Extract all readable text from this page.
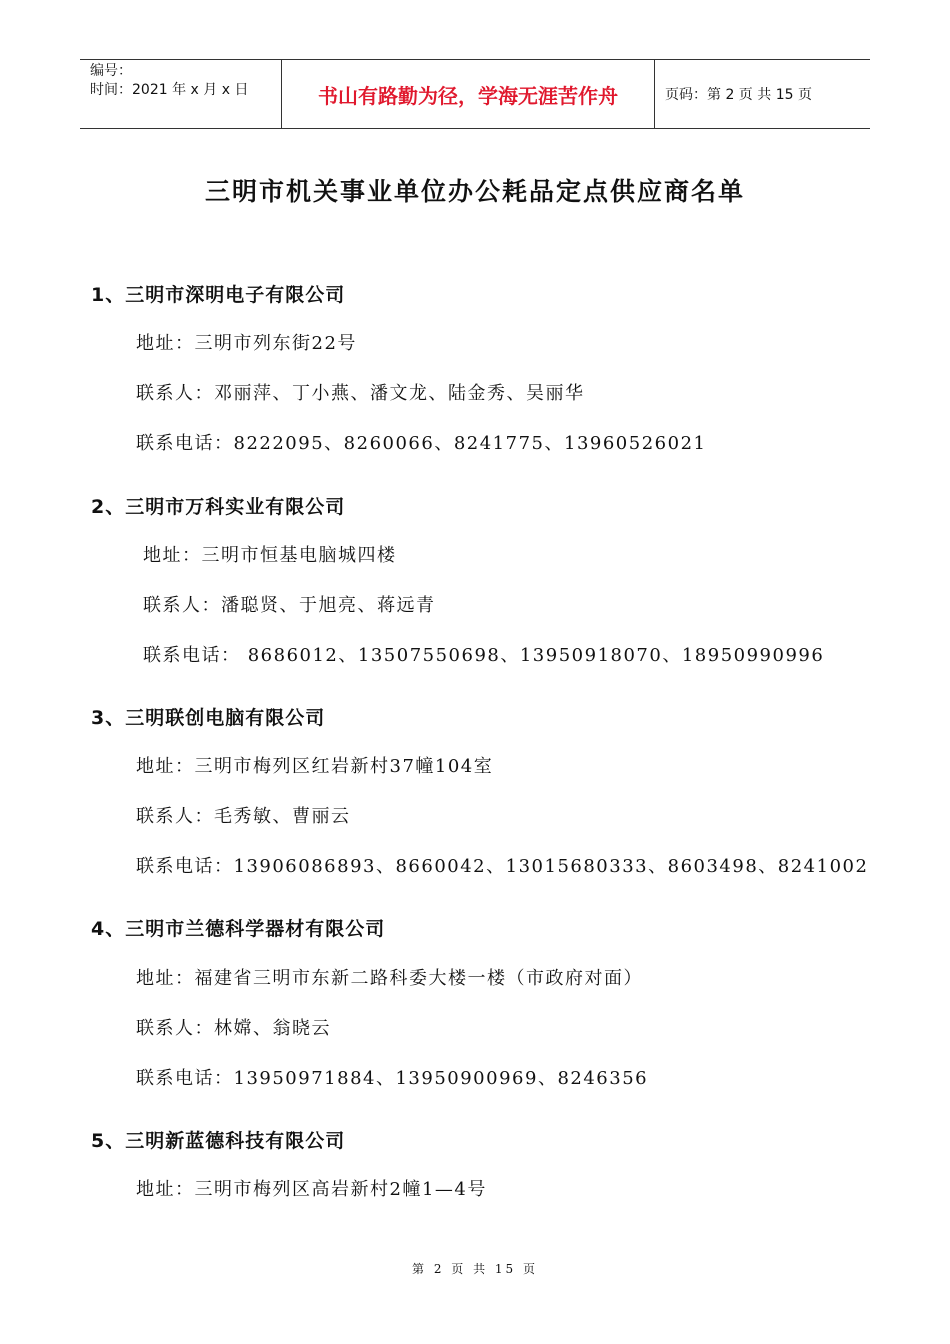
编号：
时间：2021 年 x 月 x 日	书山有路勤为径，学海无涯苦作舟	页码：第 2 页 共 15 页
三明市机关事业单位办公耗品定点供应商名单
1、三明市深明电子有限公司
地址：三明市列东街22号
联系人：邓丽萍、丁小燕、潘文龙、陆金秀、吴丽华
联系电话：8222095、8260066、8241775、13960526021
2、三明市万科实业有限公司
地址：三明市恒基电脑城四楼
联系人：潘聪贤、于旭亮、蒋远青
联系电话： 8686012、13507550698、13950918070、18950990996
3、三明联创电脑有限公司
地址：三明市梅列区红岩新村37幢104室
联系人：毛秀敏、曹丽云
联系电话：13906086893、8660042、13015680333、8603498、8241002
4、三明市兰德科学器材有限公司
地址：福建省三明市东新二路科委大楼一楼（市政府对面）
联系人：林嫦、翁晓云
联系电话：13950971884、13950900969、8246356
5、三明新蓝德科技有限公司
地址：三明市梅列区高岩新村2幢1—4号
第 2 页 共 15 页
